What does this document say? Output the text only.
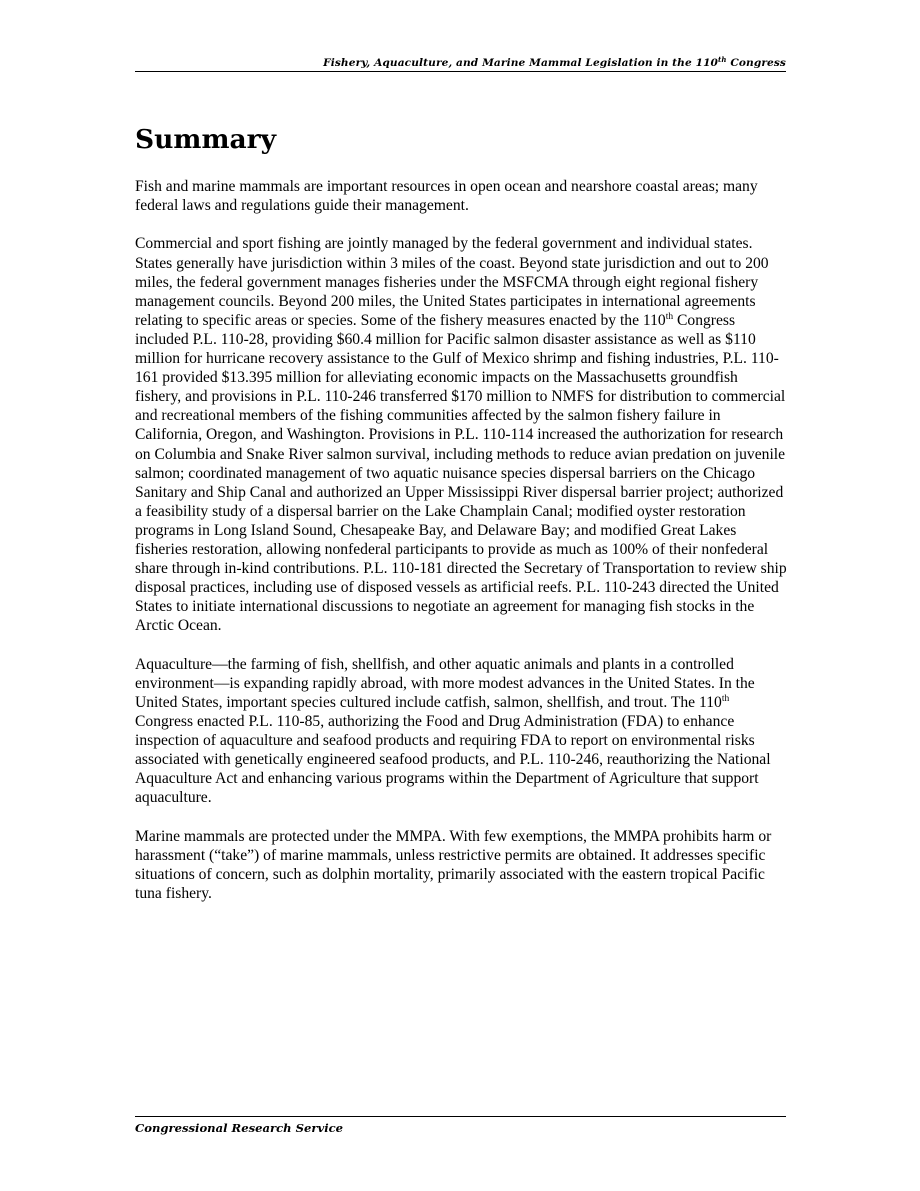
Fishery, Aquaculture, and Marine Mammal Legislation in the 110th Congress
Summary

Fish and marine mammals are important resources in open ocean and nearshore coastal areas; many federal laws and regulations guide their management.

Commercial and sport fishing are jointly managed by the federal government and individual states. States generally have jurisdiction within 3 miles of the coast. Beyond state jurisdiction and out to 200 miles, the federal government manages fisheries under the MSFCMA through eight regional fishery management councils. Beyond 200 miles, the United States participates in international agreements relating to specific areas or species. Some of the fishery measures enacted by the 110th Congress included P.L. 110-28, providing $60.4 million for Pacific salmon disaster assistance as well as $110 million for hurricane recovery assistance to the Gulf of Mexico shrimp and fishing industries, P.L. 110-161 provided $13.395 million for alleviating economic impacts on the Massachusetts groundfish fishery, and provisions in P.L. 110-246 transferred $170 million to NMFS for distribution to commercial and recreational members of the fishing communities affected by the salmon fishery failure in California, Oregon, and Washington. Provisions in P.L. 110-114 increased the authorization for research on Columbia and Snake River salmon survival, including methods to reduce avian predation on juvenile salmon; coordinated management of two aquatic nuisance species dispersal barriers on the Chicago Sanitary and Ship Canal and authorized an Upper Mississippi River dispersal barrier project; authorized a feasibility study of a dispersal barrier on the Lake Champlain Canal; modified oyster restoration programs in Long Island Sound, Chesapeake Bay, and Delaware Bay; and modified Great Lakes fisheries restoration, allowing nonfederal participants to provide as much as 100% of their nonfederal share through in-kind contributions. P.L. 110-181 directed the Secretary of Transportation to review ship disposal practices, including use of disposed vessels as artificial reefs. P.L. 110-243 directed the United States to initiate international discussions to negotiate an agreement for managing fish stocks in the Arctic Ocean.

Aquaculture—the farming of fish, shellfish, and other aquatic animals and plants in a controlled environment—is expanding rapidly abroad, with more modest advances in the United States. In the United States, important species cultured include catfish, salmon, shellfish, and trout. The 110th Congress enacted P.L. 110-85, authorizing the Food and Drug Administration (FDA) to enhance inspection of aquaculture and seafood products and requiring FDA to report on environmental risks associated with genetically engineered seafood products, and P.L. 110-246, reauthorizing the National Aquaculture Act and enhancing various programs within the Department of Agriculture that support aquaculture.

Marine mammals are protected under the MMPA. With few exemptions, the MMPA prohibits harm or harassment (“take”) of marine mammals, unless restrictive permits are obtained. It addresses specific situations of concern, such as dolphin mortality, primarily associated with the eastern tropical Pacific tuna fishery.

Congressional Research Service
